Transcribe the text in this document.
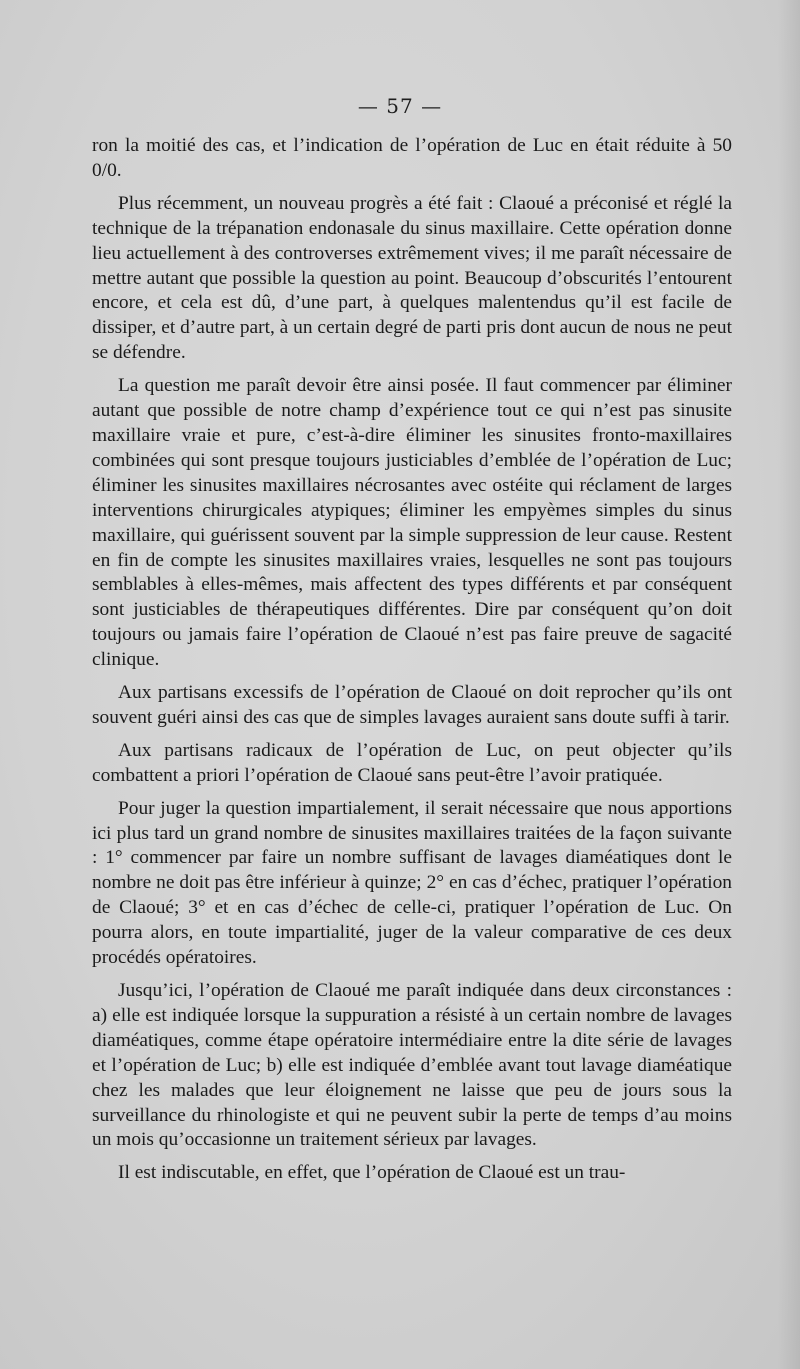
— 57 —

ron la moitié des cas, et l’indication de l’opération de Luc en était réduite à 50 0/0.

Plus récemment, un nouveau progrès a été fait : Claoué a préconisé et réglé la technique de la trépanation endonasale du sinus maxillaire. Cette opération donne lieu actuellement à des controverses extrêmement vives; il me paraît nécessaire de mettre autant que possible la question au point. Beaucoup d’obscurités l’entourent encore, et cela est dû, d’une part, à quelques malentendus qu’il est facile de dissiper, et d’autre part, à un certain degré de parti pris dont aucun de nous ne peut se défendre.

La question me paraît devoir être ainsi posée. Il faut commencer par éliminer autant que possible de notre champ d’expérience tout ce qui n’est pas sinusite maxillaire vraie et pure, c’est-à-dire éliminer les sinusites fronto-maxillaires combinées qui sont presque toujours justiciables d’emblée de l’opération de Luc; éliminer les sinusites maxillaires nécrosantes avec ostéite qui réclament de larges interventions chirurgicales atypiques; éliminer les empyèmes simples du sinus maxillaire, qui guérissent souvent par la simple suppression de leur cause. Restent en fin de compte les sinusites maxillaires vraies, lesquelles ne sont pas toujours semblables à elles-mêmes, mais affectent des types différents et par conséquent sont justiciables de thérapeutiques différentes. Dire par conséquent qu’on doit toujours ou jamais faire l’opération de Claoué n’est pas faire preuve de sagacité clinique.

Aux partisans excessifs de l’opération de Claoué on doit reprocher qu’ils ont souvent guéri ainsi des cas que de simples lavages auraient sans doute suffi à tarir.

Aux partisans radicaux de l’opération de Luc, on peut objecter qu’ils combattent a priori l’opération de Claoué sans peut-être l’avoir pratiquée.

Pour juger la question impartialement, il serait nécessaire que nous apportions ici plus tard un grand nombre de sinusites maxillaires traitées de la façon suivante : 1° commencer par faire un nombre suffisant de lavages diaméatiques dont le nombre ne doit pas être inférieur à quinze; 2° en cas d’échec, pratiquer l’opération de Claoué; 3° et en cas d’échec de celle-ci, pratiquer l’opération de Luc. On pourra alors, en toute impartialité, juger de la valeur comparative de ces deux procédés opératoires.

Jusqu’ici, l’opération de Claoué me paraît indiquée dans deux circonstances : a) elle est indiquée lorsque la suppuration a résisté à un certain nombre de lavages diaméatiques, comme étape opératoire intermédiaire entre la dite série de lavages et l’opération de Luc; b) elle est indiquée d’emblée avant tout lavage diaméatique chez les malades que leur éloignement ne laisse que peu de jours sous la surveillance du rhinologiste et qui ne peuvent subir la perte de temps d’au moins un mois qu’occasionne un traitement sérieux par lavages.

Il est indiscutable, en effet, que l’opération de Claoué est un trau-
